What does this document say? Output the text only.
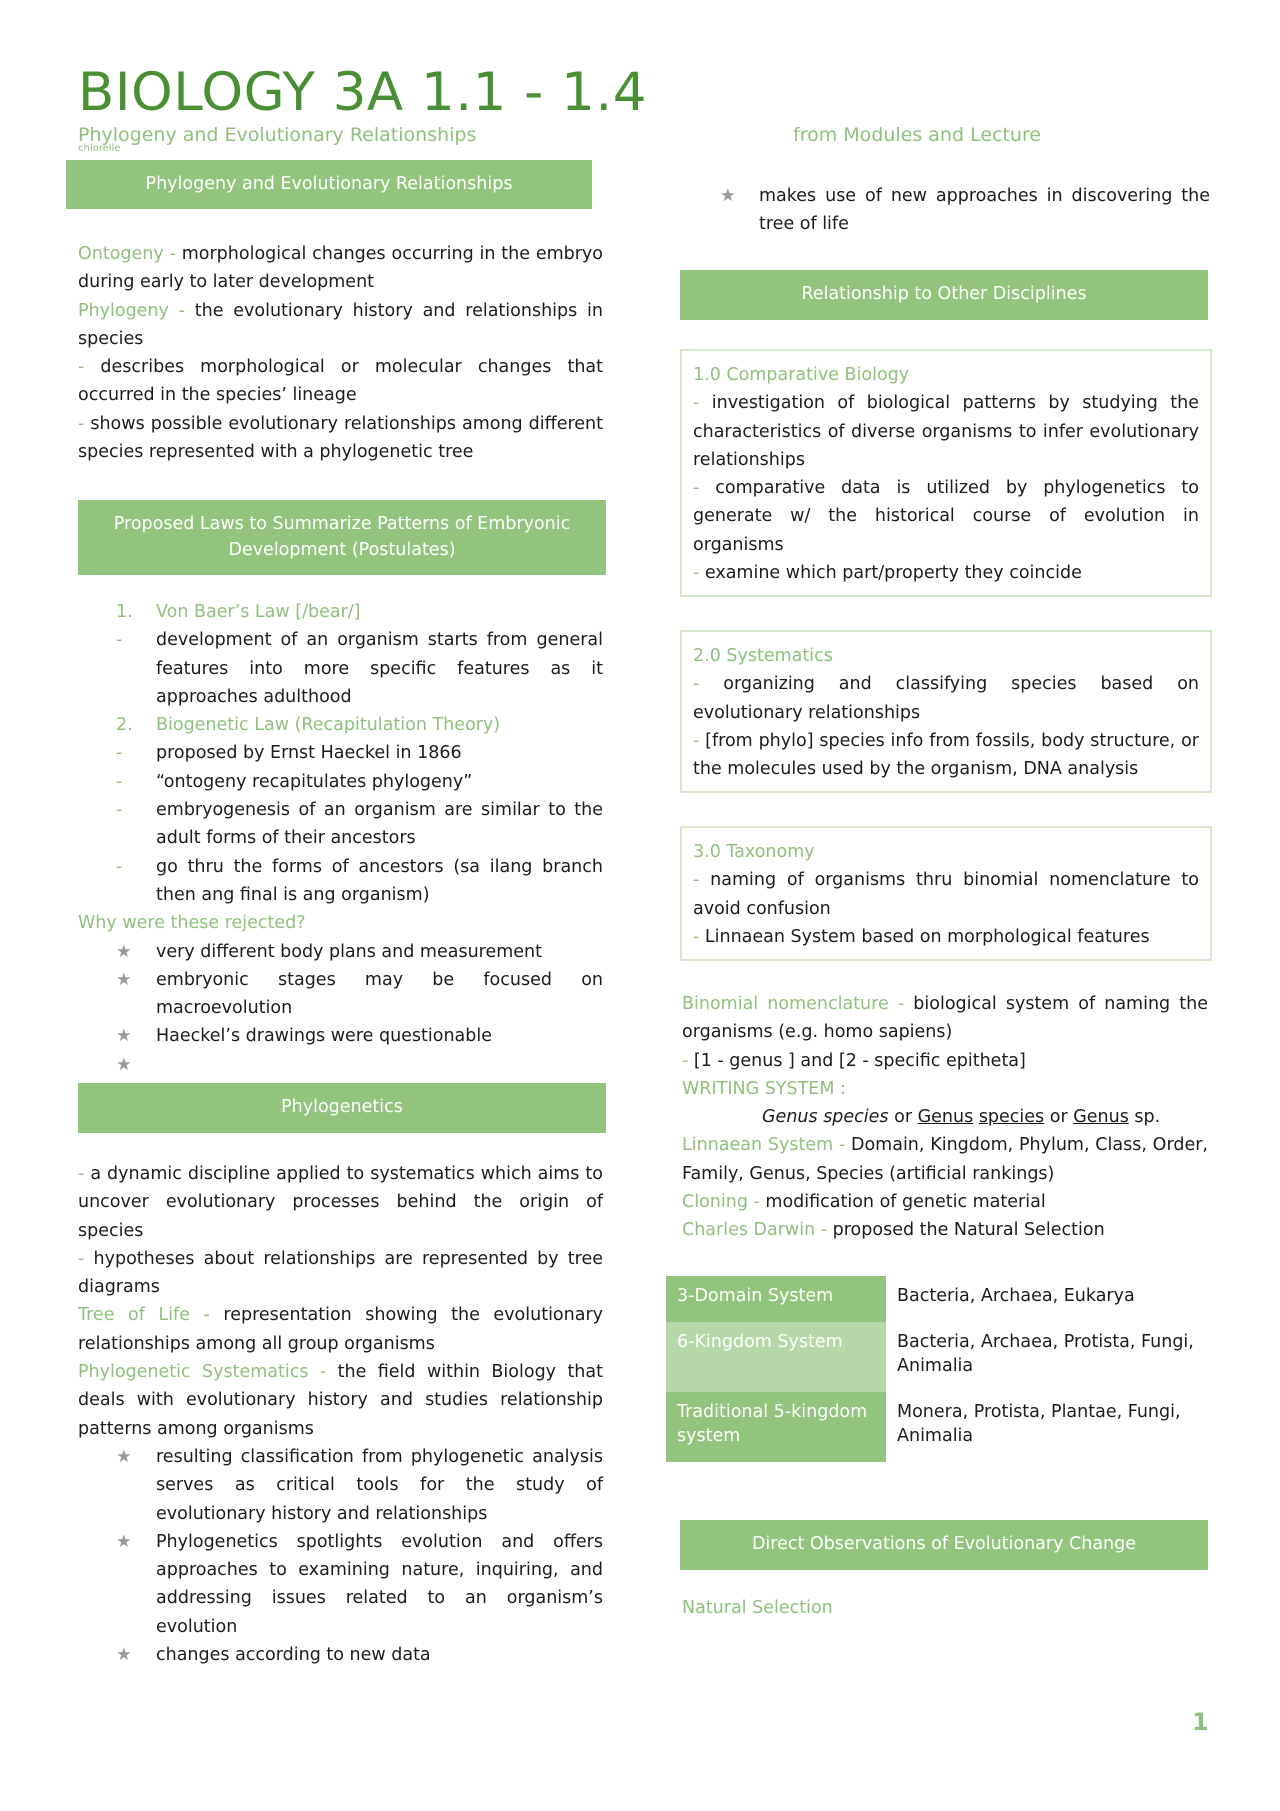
BIOLOGY 3A 1.1 - 1.4
Phylogeny and Evolutionary Relationships
chlorelle
from Modules and Lecture
Phylogeny and Evolutionary Relationships

Ontogeny - morphological changes occurring in the embryo during early to later development

Phylogeny - the evolutionary history and relationships in species

- describes morphological or molecular changes that occurred in the species’ lineage

- shows possible evolutionary relationships among different species represented with a phylogenetic tree

Proposed Laws to Summarize Patterns of Embryonic Development (Postulates)
1. Von Baer’s Law [/bear/]
- development of an organism starts from general features into more specific features as it approaches adulthood
2. Biogenetic Law (Recapitulation Theory)
- proposed by Ernst Haeckel in 1866
- “ontogeny recapitulates phylogeny”
- embryogenesis of an organism are similar to the adult forms of their ancestors
- go thru the forms of ancestors (sa ilang branch then ang final is ang organism)

Why were these rejected?

★ very different body plans and measurement
★ embryonic stages may be focused on macroevolution
★ Haeckel’s drawings were questionable
★
Phylogenetics

- a dynamic discipline applied to systematics which aims to uncover evolutionary processes behind the origin of species

- hypotheses about relationships are represented by tree diagrams

Tree of Life - representation showing the evolutionary relationships among all group organisms

Phylogenetic Systematics - the field within Biology that deals with evolutionary history and studies relationship patterns among organisms

★ resulting classification from phylogenetic analysis serves as critical tools for the study of evolutionary history and relationships
★ Phylogenetics spotlights evolution and offers approaches to examining nature, inquiring, and addressing issues related to an organism’s evolution
★ changes according to new data
★ makes use of new approaches in discovering the tree of life
Relationship to Other Disciplines

1.0 Comparative Biology

- investigation of biological patterns by studying the characteristics of diverse organisms to infer evolutionary relationships

- comparative data is utilized by phylogenetics to generate w/ the historical course of evolution in organisms

- examine which part/property they coincide

2.0 Systematics

- organizing and classifying species based on evolutionary relationships

- [from phylo] species info from fossils, body structure, or the molecules used by the organism, DNA analysis

3.0 Taxonomy

- naming of organisms thru binomial nomenclature to avoid confusion

- Linnaean System based on morphological features

Binomial nomenclature - biological system of naming the organisms (e.g. homo sapiens)

- [1 - genus ] and [2 - specific epitheta]

WRITING SYSTEM :

Genus species or Genus species or Genus sp.

Linnaean System - Domain, Kingdom, Phylum, Class, Order, Family, Genus, Species (artificial rankings)

Cloning - modification of genetic material

Charles Darwin - proposed the Natural Selection

3-Domain System	Bacteria, Archaea, Eukarya
6-Kingdom System	Bacteria, Archaea, Protista, Fungi, Animalia
Traditional 5-kingdom system	Monera, Protista, Plantae, Fungi, Animalia
Direct Observations of Evolutionary Change
Natural Selection
1
